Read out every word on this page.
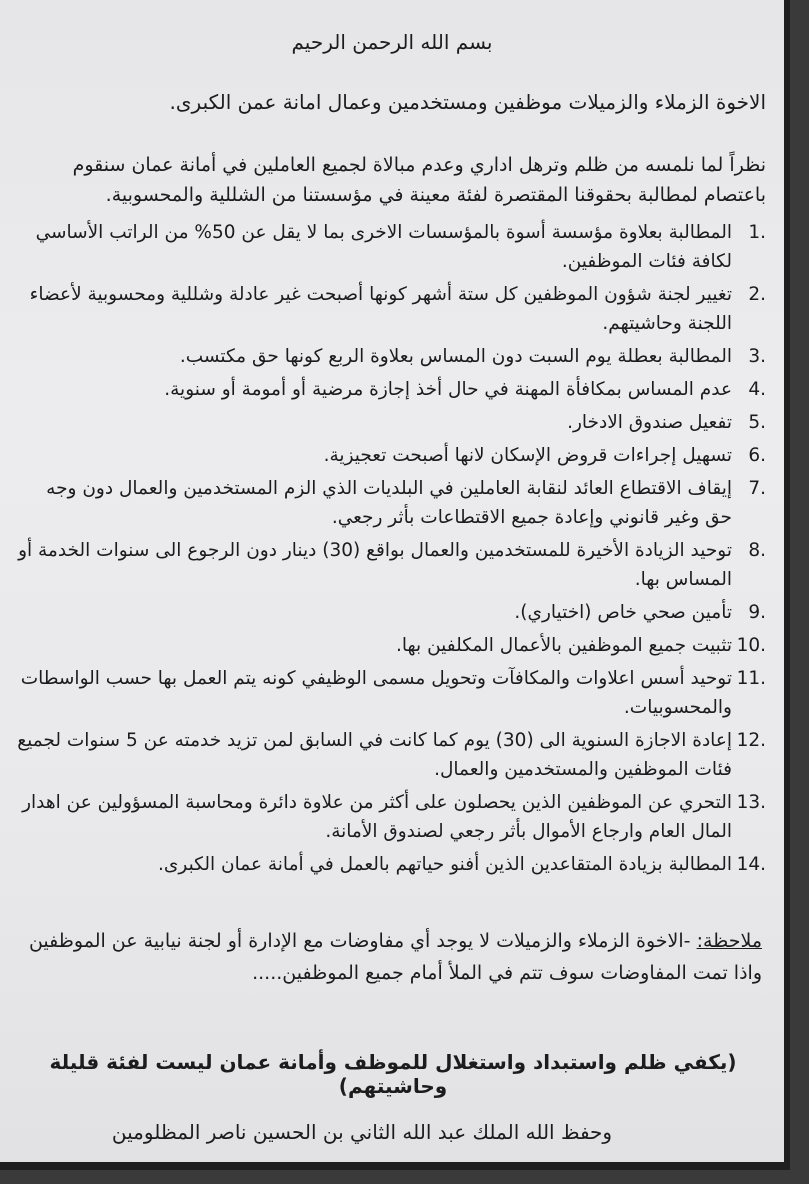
بسم الله الرحمن الرحيم
الاخوة الزملاء والزميلات موظفين ومستخدمين وعمال امانة عمن الكبرى.
نظراً لما نلمسه من ظلم وترهل اداري وعدم مبالاة لجميع العاملين في أمانة عمان سنقوم باعتصام لمطالبة بحقوقنا المقتصرة لفئة معينة في مؤسستنا من الشللية والمحسوبية.
.1
المطالبة بعلاوة مؤسسة أسوة بالمؤسسات الاخرى بما لا يقل عن 50% من الراتب الأساسي لكافة فئات الموظفين.
.2
تغيير لجنة شؤون الموظفين كل ستة أشهر كونها أصبحت غير عادلة وشللية ومحسوبية لأعضاء اللجنة وحاشيتهم.
.3
المطالبة بعطلة يوم السبت دون المساس بعلاوة الربع كونها حق مكتسب.
.4
عدم المساس بمكافأة المهنة في حال أخذ إجازة مرضية أو أمومة أو سنوية.
.5
تفعيل صندوق الادخار.
.6
تسهيل إجراءات قروض الإسكان لانها أصبحت تعجيزية.
.7
إيقاف الاقتطاع العائد لنقابة العاملين في البلديات الذي الزم المستخدمين والعمال دون وجه حق وغير قانوني وإعادة جميع الاقتطاعات بأثر رجعي.
.8
توحيد الزيادة الأخيرة للمستخدمين والعمال بواقع (30) دينار دون الرجوع الى سنوات الخدمة أو المساس بها.
.9
تأمين صحي خاص (اختياري).
.10
تثبيت جميع الموظفين بالأعمال المكلفين بها.
.11
توحيد أسس اعلاوات والمكافآت وتحويل مسمى الوظيفي كونه يتم العمل بها حسب الواسطات والمحسوبيات.
.12
إعادة الاجازة السنوية الى (30) يوم كما كانت في السابق لمن تزيد خدمته عن 5 سنوات لجميع فئات الموظفين والمستخدمين والعمال.
.13
التحري عن الموظفين الذين يحصلون على أكثر من علاوة دائرة ومحاسبة المسؤولين عن اهدار المال العام وارجاع الأموال بأثر رجعي لصندوق الأمانة.
.14
المطالبة بزيادة المتقاعدين الذين أفنو حياتهم بالعمل في أمانة عمان الكبرى.
ملاحظة: -الاخوة الزملاء والزميلات لا يوجد أي مفاوضات مع الإدارة أو لجنة نيابية عن الموظفين واذا تمت المفاوضات سوف تتم في الملأ أمام جميع الموظفين.....
(يكفي ظلم واستبداد واستغلال للموظف وأمانة عمان ليست لفئة قليلة وحاشيتهم)
وحفظ الله الملك عبد الله الثاني بن الحسين ناصر المظلومين
